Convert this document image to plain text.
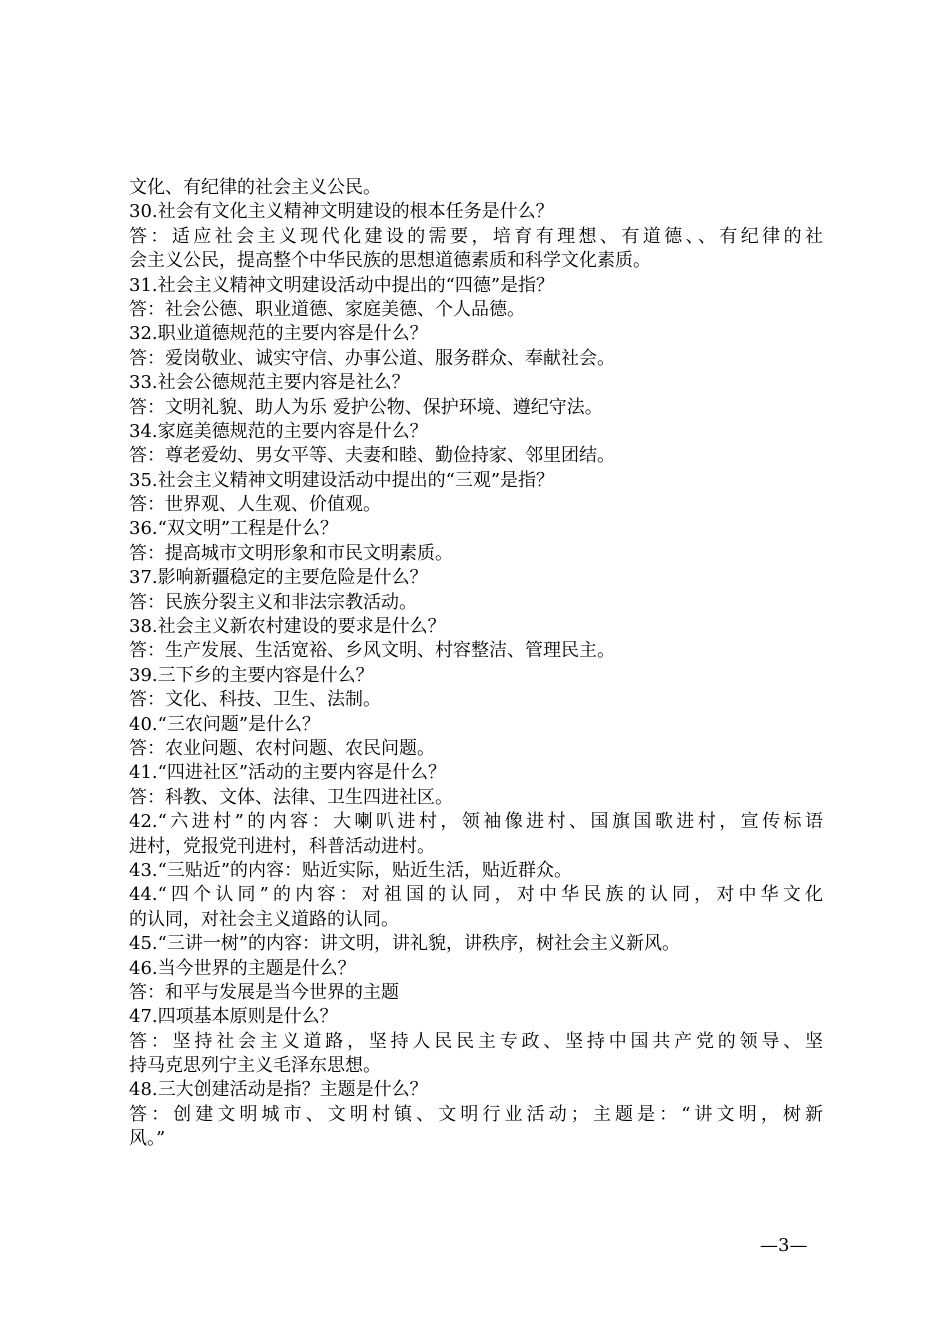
文化、有纪律的社会主义公民。
30.社会有文化主义精神文明建设的根本任务是什么？
答：适应社会主义现代化建设的需要，培育有理想、有道德、、有纪律的社
会主义公民，提高整个中华民族的思想道德素质和科学文化素质。
31.社会主义精神文明建设活动中提出的“四德”是指？
答：社会公德、职业道德、家庭美德、个人品德。
32.职业道德规范的主要内容是什么？
答：爱岗敬业、诚实守信、办事公道、服务群众、奉献社会。
33.社会公德规范主要内容是社么？
答：文明礼貌、助人为乐 爱护公物、保护环境、遵纪守法。
34.家庭美德规范的主要内容是什么？
答：尊老爱幼、男女平等、夫妻和睦、勤俭持家、邻里团结。
35.社会主义精神文明建设活动中提出的“三观”是指？
答：世界观、人生观、价值观。
36.“双文明”工程是什么？
答：提高城市文明形象和市民文明素质。
37.影响新疆稳定的主要危险是什么？
答：民族分裂主义和非法宗教活动。
38.社会主义新农村建设的要求是什么？
答：生产发展、生活宽裕、乡风文明、村容整洁、管理民主。
39.三下乡的主要内容是什么？
答：文化、科技、卫生、法制。
40.“三农问题”是什么？
答：农业问题、农村问题、农民问题。
41.“四进社区”活动的主要内容是什么？
答：科教、文体、法律、卫生四进社区。
42.“六进村”的内容：大喇叭进村，领袖像进村、国旗国歌进村，宣传标语
进村，党报党刊进村，科普活动进村。
43.“三贴近”的内容：贴近实际，贴近生活，贴近群众。
44.“四个认同”的内容：对祖国的认同，对中华民族的认同，对中华文化
的认同，对社会主义道路的认同。
45.“三讲一树”的内容：讲文明，讲礼貌，讲秩序，树社会主义新风。
46.当今世界的主题是什么？
答：和平与发展是当今世界的主题
47.四项基本原则是什么？
答：坚持社会主义道路，坚持人民民主专政、坚持中国共产党的领导、坚
持马克思列宁主义毛泽东思想。
48.三大创建活动是指？主题是什么？
答：创建文明城市、文明村镇、文明行业活动；主题是：“讲文明，树新
风。”
—3—
